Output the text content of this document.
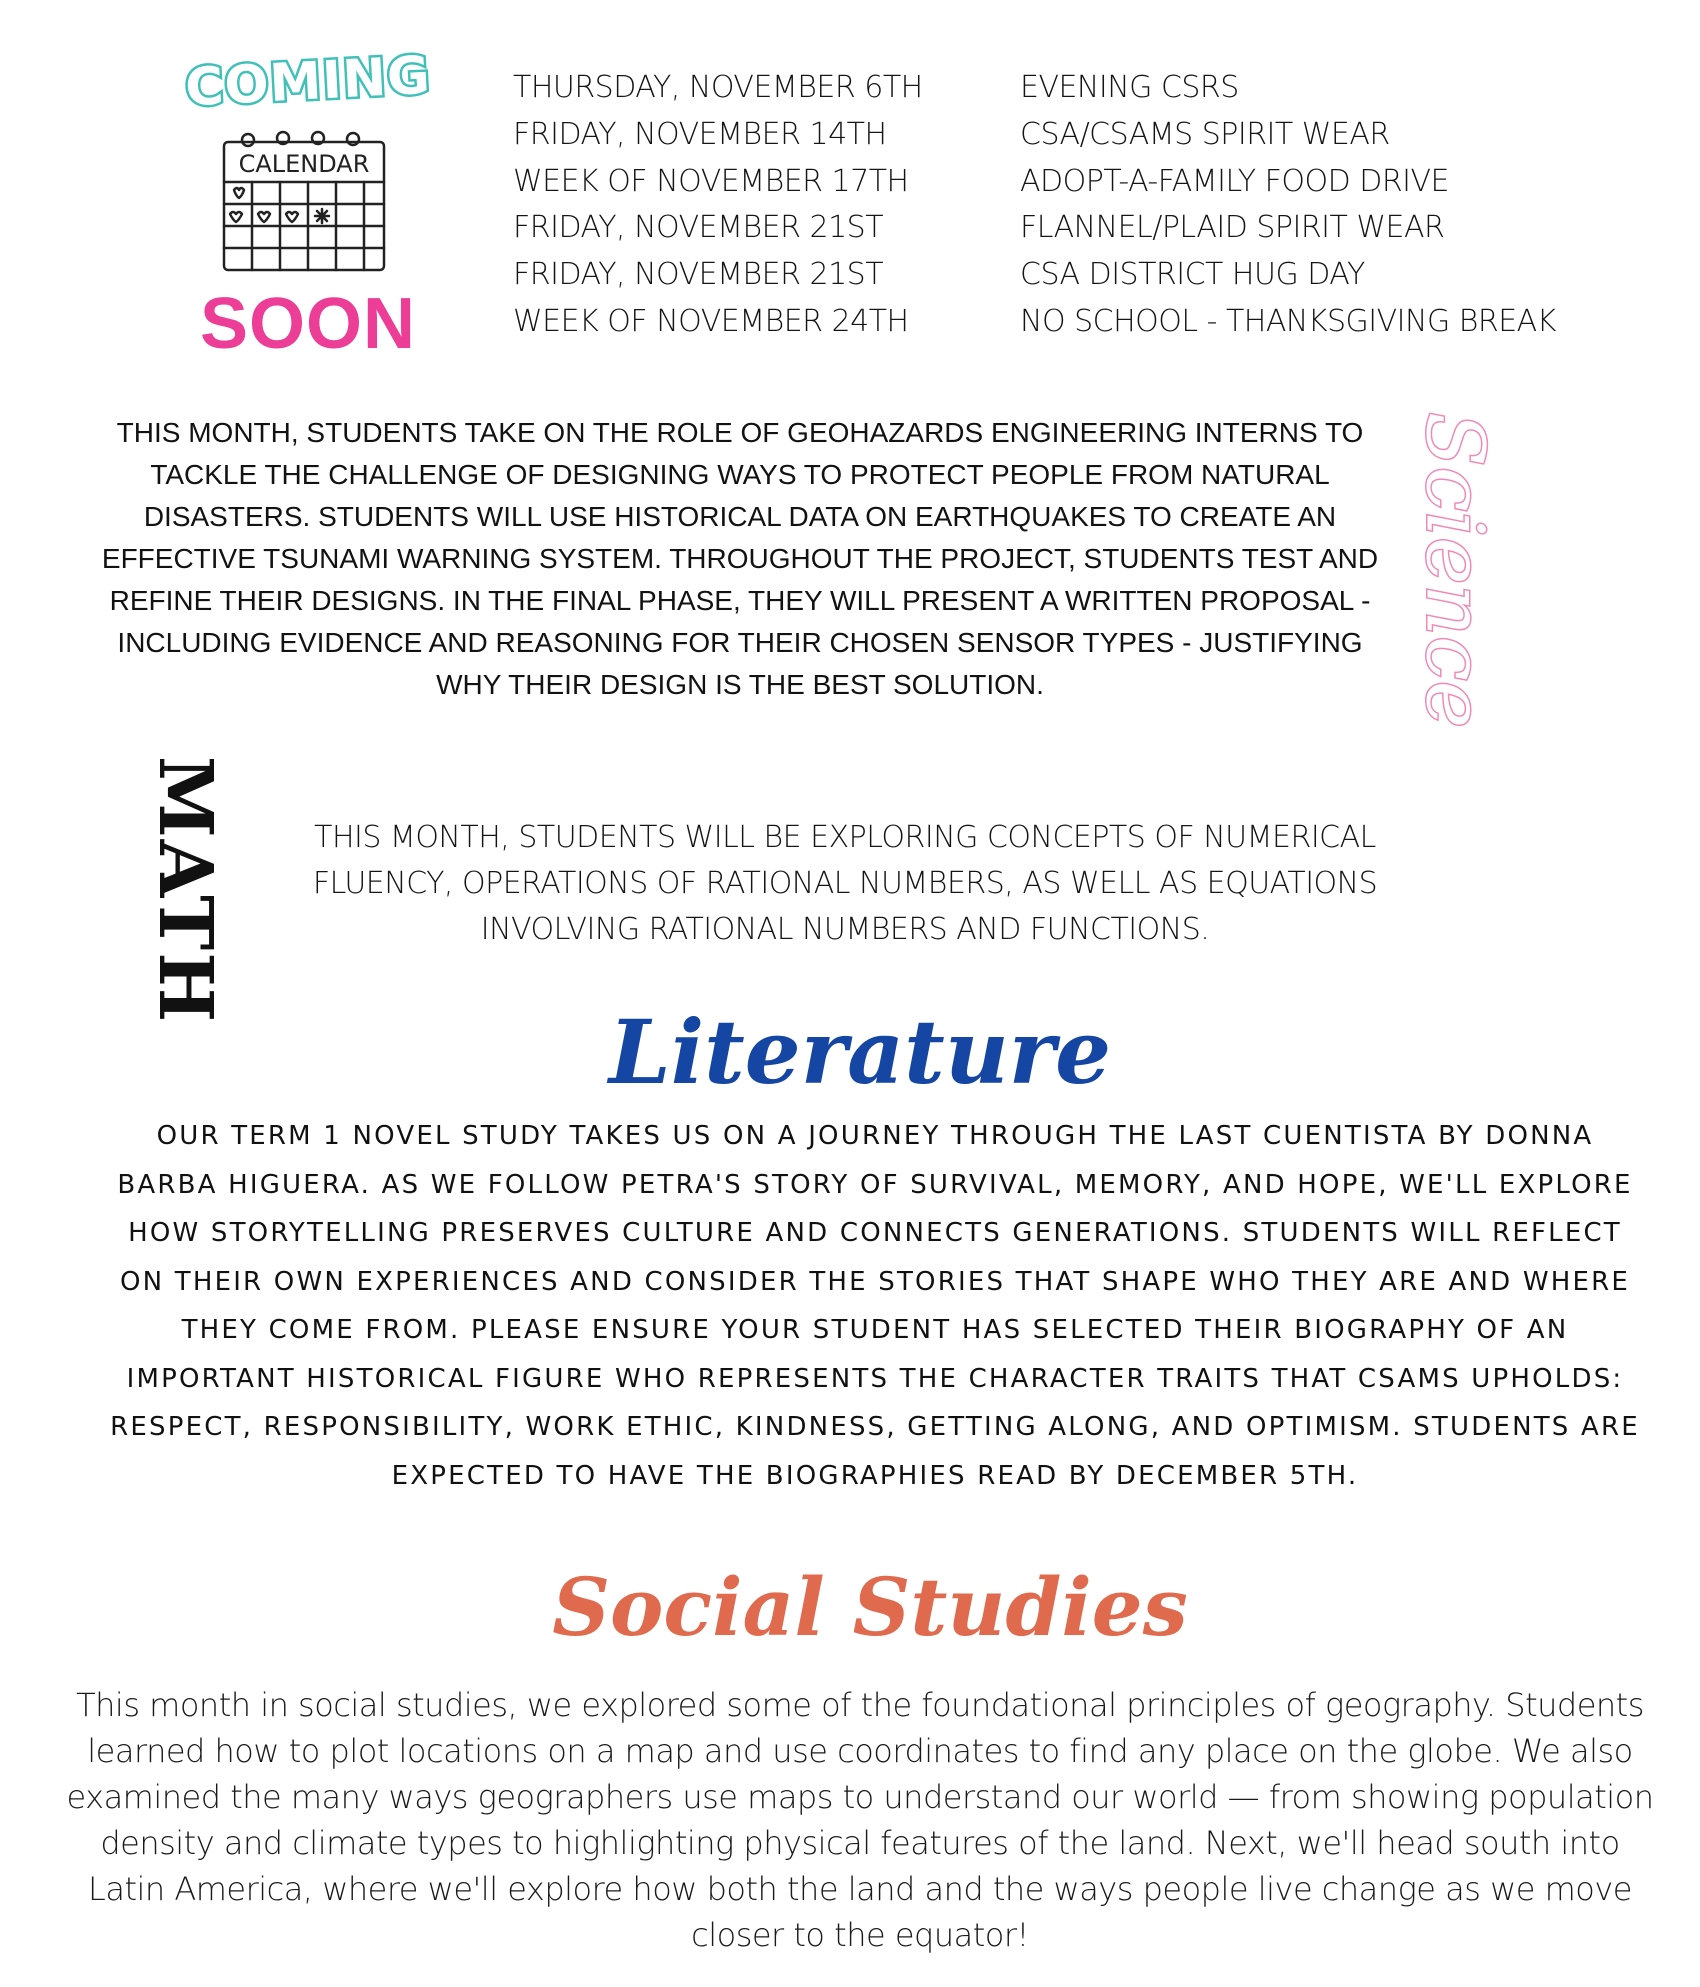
COMING
CALENDAR
SOON
THURSDAY, NOVEMBER 6TH
FRIDAY, NOVEMBER 14TH
WEEK OF NOVEMBER 17TH
FRIDAY, NOVEMBER 21ST
FRIDAY, NOVEMBER 21ST
WEEK OF NOVEMBER 24TH
EVENING CSRS
CSA/CSAMS SPIRIT WEAR
ADOPT-A-FAMILY FOOD DRIVE
FLANNEL/PLAID SPIRIT WEAR
CSA DISTRICT HUG DAY
NO SCHOOL - THANKSGIVING BREAK
THIS MONTH, STUDENTS TAKE ON THE ROLE OF GEOHAZARDS ENGINEERING INTERNS TO TACKLE THE CHALLENGE OF DESIGNING WAYS TO PROTECT PEOPLE FROM NATURAL DISASTERS. STUDENTS WILL USE HISTORICAL DATA ON EARTHQUAKES TO CREATE AN EFFECTIVE TSUNAMI WARNING SYSTEM. THROUGHOUT THE PROJECT, STUDENTS TEST AND REFINE THEIR DESIGNS. IN THE FINAL PHASE, THEY WILL PRESENT A WRITTEN PROPOSAL - INCLUDING EVIDENCE AND REASONING FOR THEIR CHOSEN SENSOR TYPES - JUSTIFYING WHY THEIR DESIGN IS THE BEST SOLUTION.	Science
MATH	THIS MONTH, STUDENTS WILL BE EXPLORING CONCEPTS OF NUMERICAL FLUENCY, OPERATIONS OF RATIONAL NUMBERS, AS WELL AS EQUATIONS INVOLVING RATIONAL NUMBERS AND FUNCTIONS.
Literature
OUR TERM 1 NOVEL STUDY TAKES US ON A JOURNEY THROUGH THE LAST CUENTISTA BY DONNA BARBA HIGUERA. AS WE FOLLOW PETRA'S STORY OF SURVIVAL, MEMORY, AND HOPE, WE'LL EXPLORE HOW STORYTELLING PRESERVES CULTURE AND CONNECTS GENERATIONS. STUDENTS WILL REFLECT ON THEIR OWN EXPERIENCES AND CONSIDER THE STORIES THAT SHAPE WHO THEY ARE AND WHERE THEY COME FROM. PLEASE ENSURE YOUR STUDENT HAS SELECTED THEIR BIOGRAPHY OF AN IMPORTANT HISTORICAL FIGURE WHO REPRESENTS THE CHARACTER TRAITS THAT CSAMS UPHOLDS: RESPECT, RESPONSIBILITY, WORK ETHIC, KINDNESS, GETTING ALONG, AND OPTIMISM. STUDENTS ARE EXPECTED TO HAVE THE BIOGRAPHIES READ BY DECEMBER 5TH.
Social Studies
This month in social studies, we explored some of the foundational principles of geography. Students learned how to plot locations on a map and use coordinates to find any place on the globe. We also examined the many ways geographers use maps to understand our world — from showing population density and climate types to highlighting physical features of the land. Next, we'll head south into Latin America, where we'll explore how both the land and the ways people live change as we move closer to the equator!
